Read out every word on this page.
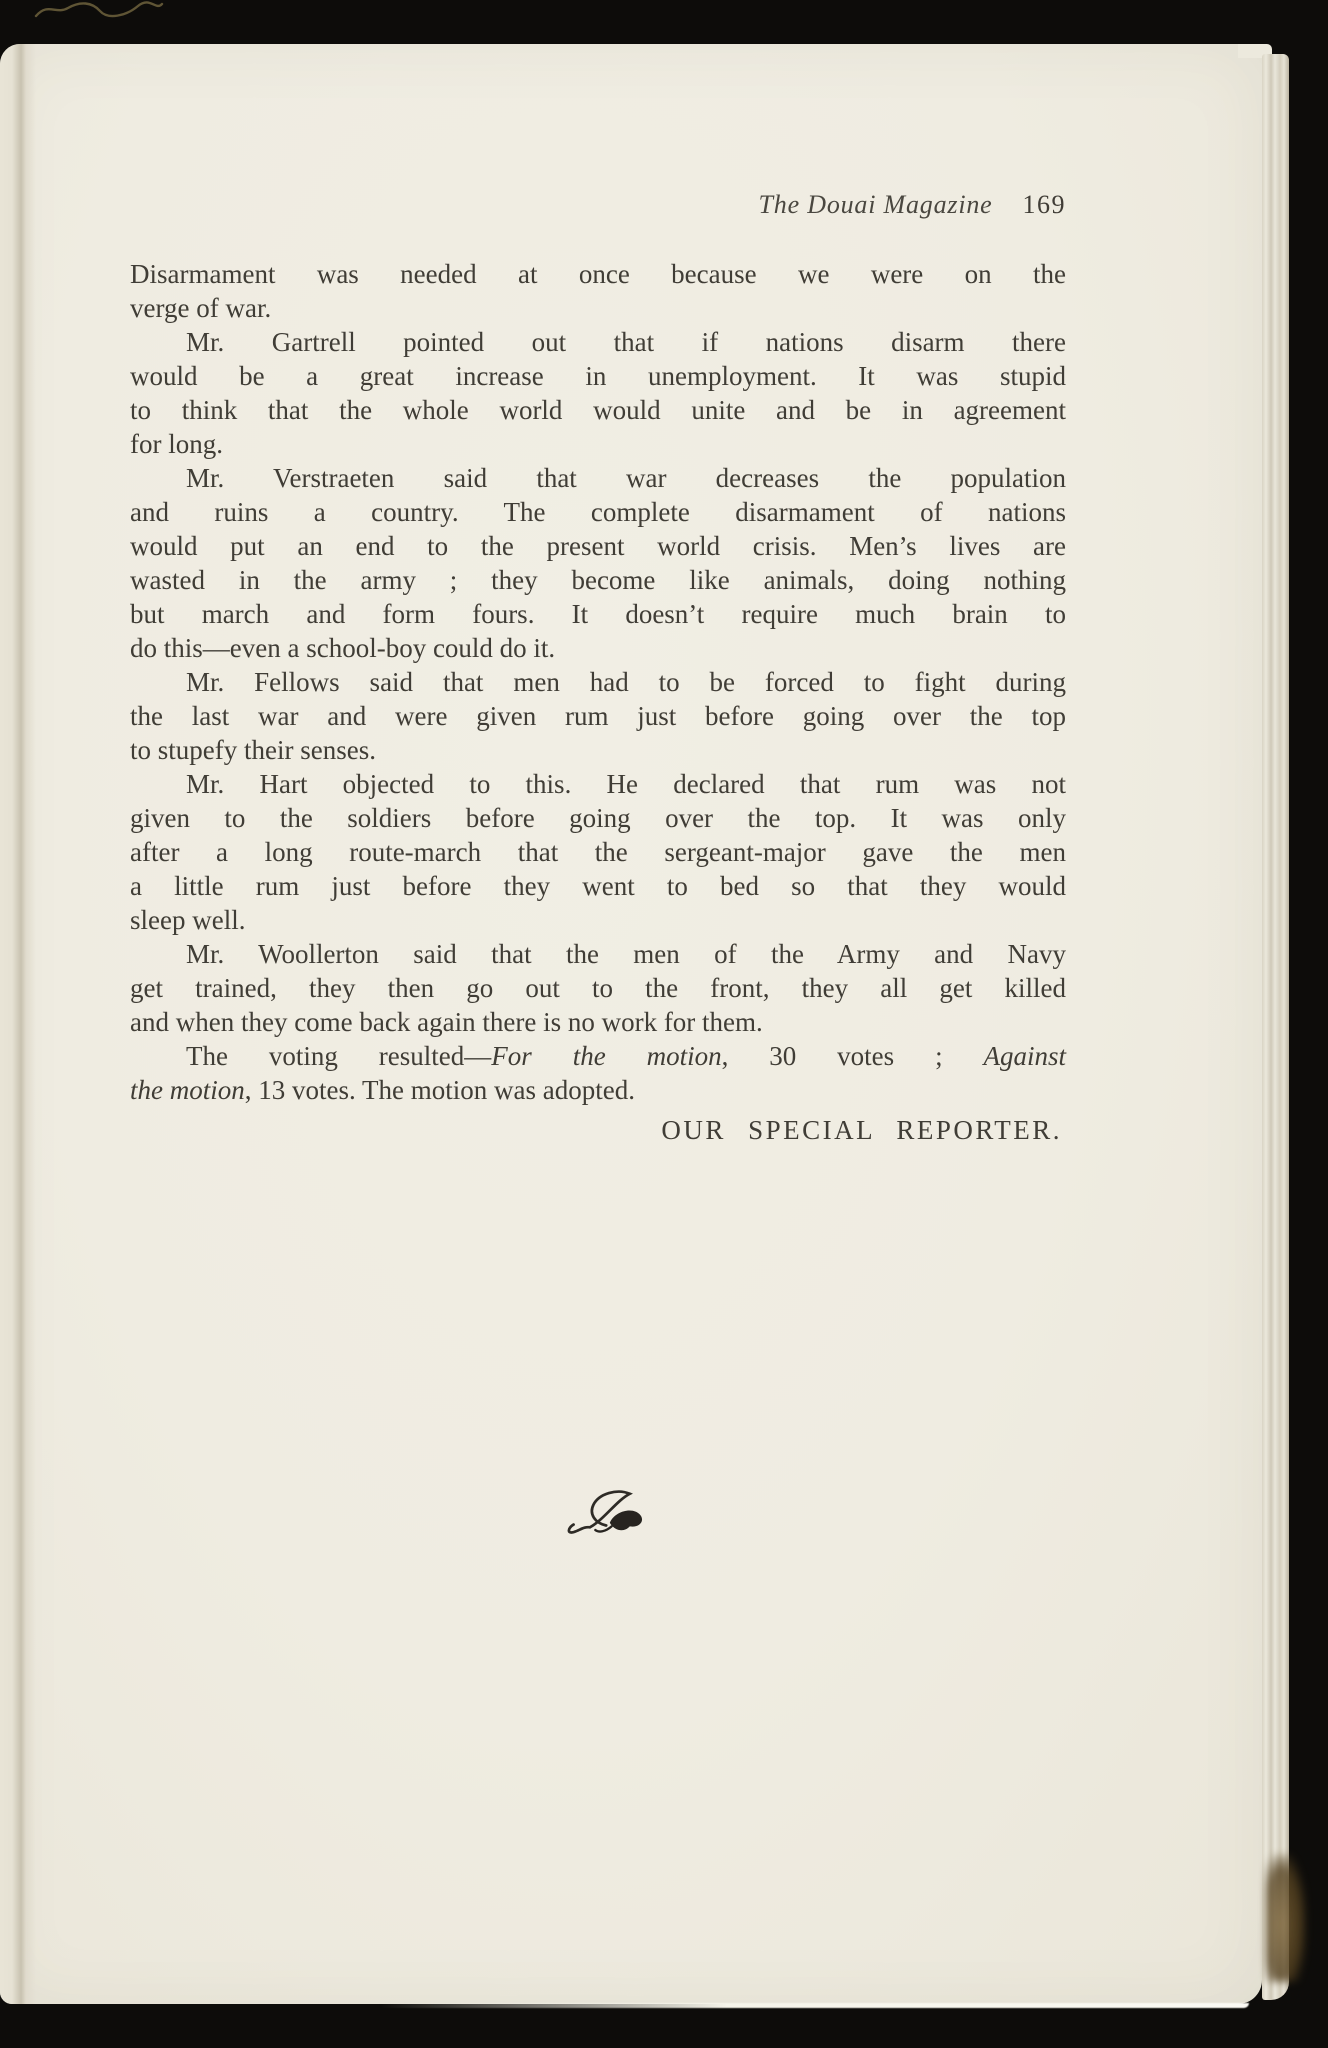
The Douai Magazine 169
Disarmament was needed at once because we were on the
verge of war.
Mr. Gartrell pointed out that if nations disarm there
would be a great increase in unemployment. It was stupid
to think that the whole world would unite and be in agreement
for long.
Mr. Verstraeten said that war decreases the population
and ruins a country. The complete disarmament of nations
would put an end to the present world crisis. Men’s lives are
wasted in the army ; they become like animals, doing nothing
but march and form fours. It doesn’t require much brain to
do this—even a school-boy could do it.
Mr. Fellows said that men had to be forced to fight during
the last war and were given rum just before going over the top
to stupefy their senses.
Mr. Hart objected to this. He declared that rum was not
given to the soldiers before going over the top. It was only
after a long route-march that the sergeant-major gave the men
a little rum just before they went to bed so that they would
sleep well.
Mr. Woollerton said that the men of the Army and Navy
get trained, they then go out to the front, they all get killed
and when they come back again there is no work for them.
The voting resulted—For the motion, 30 votes ; Against
the motion, 13 votes. The motion was adopted.
OUR SPECIAL REPORTER.
